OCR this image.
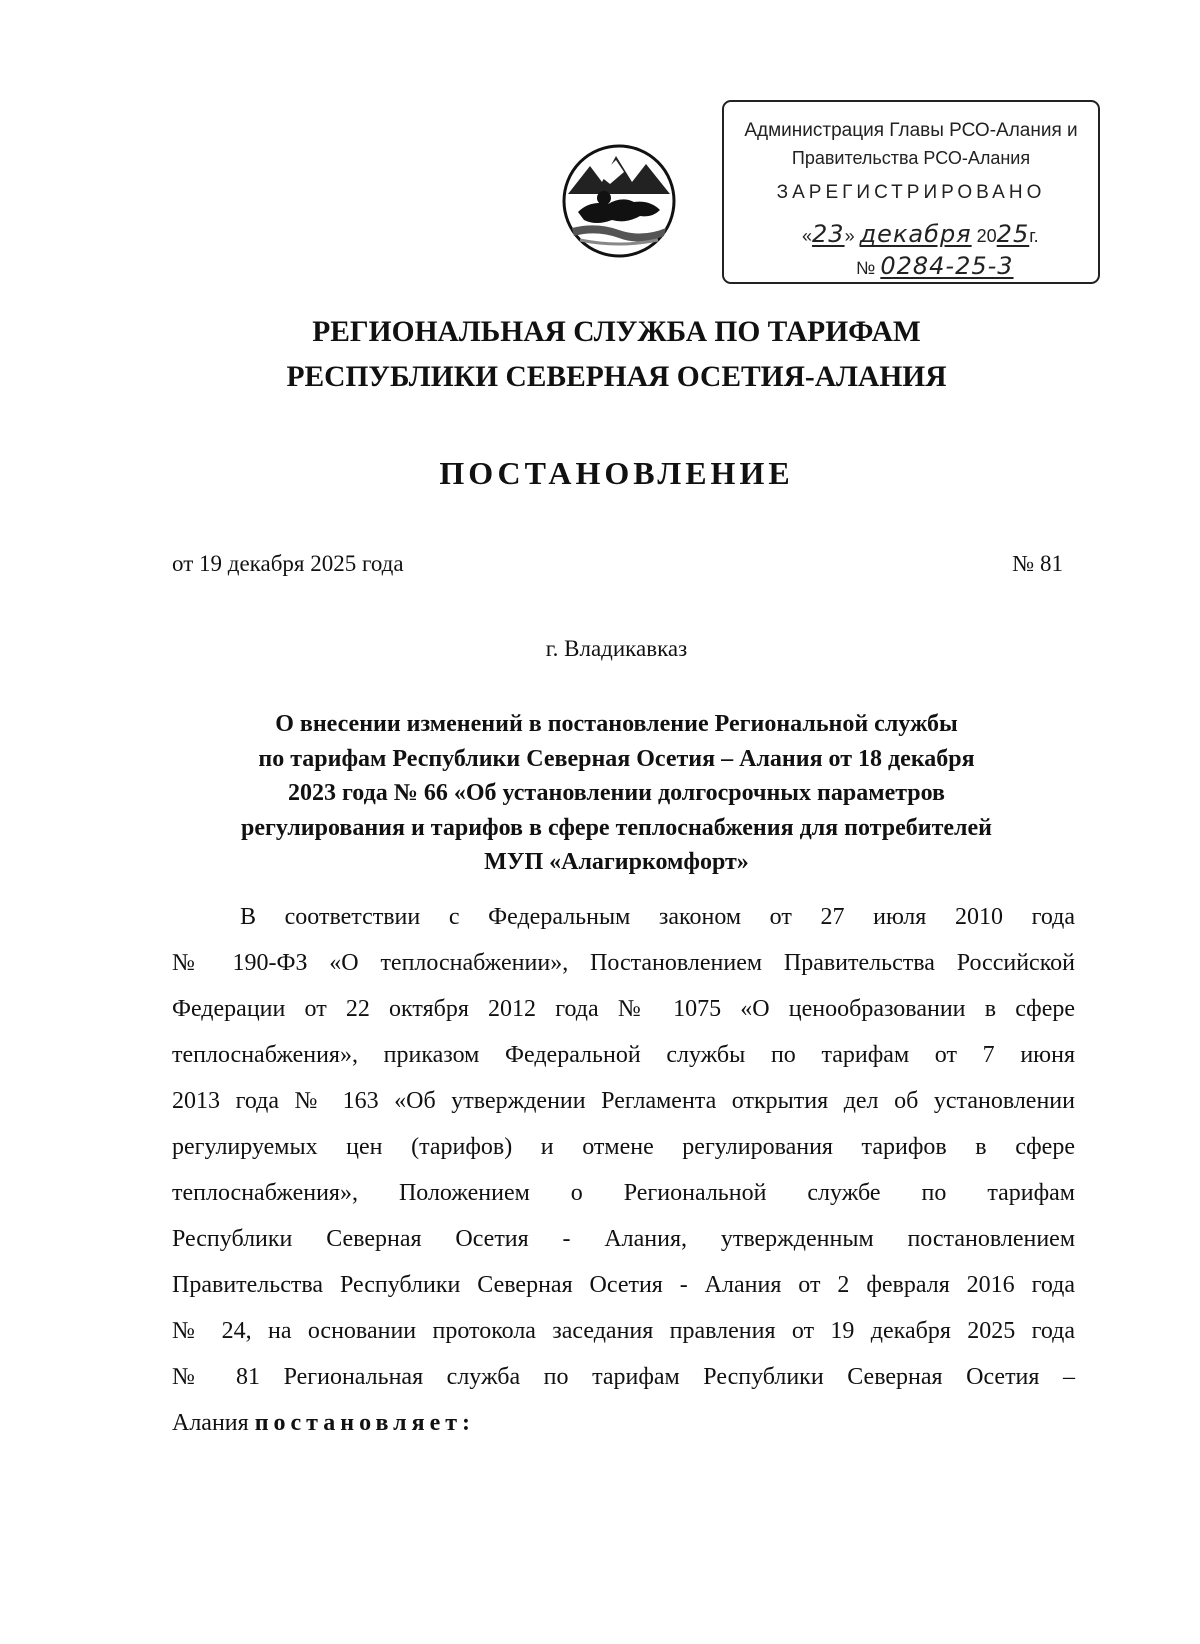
Администрация Главы РСО-Алания и
Правительства РСО-Алания
ЗАРЕГИСТРИРОВАНО
«23» декабря 2025г.
№ 0284-25-3
РЕГИОНАЛЬНАЯ СЛУЖБА ПО ТАРИФАМ
РЕСПУБЛИКИ СЕВЕРНАЯ ОСЕТИЯ-АЛАНИЯ
ПОСТАНОВЛЕНИЕ
от 19 декабря 2025 года	№ 81
г. Владикавказ
О внесении изменений в постановление Региональной службы
по тарифам Республики Северная Осетия – Алания от 18 декабря
2023 года № 66 «Об установлении долгосрочных параметров
регулирования и тарифов в сфере теплоснабжения для потребителей
МУП «Алагиркомфорт»
В соответствии с Федеральным законом от 27 июля 2010 года
№ 190-ФЗ «О теплоснабжении», Постановлением Правительства Российской
Федерации от 22 октября 2012 года № 1075 «О ценообразовании в сфере
теплоснабжения», приказом Федеральной службы по тарифам от 7 июня
2013 года № 163 «Об утверждении Регламента открытия дел об установлении
регулируемых цен (тарифов) и отмене регулирования тарифов в сфере
теплоснабжения», Положением о Региональной службе по тарифам
Республики Северная Осетия - Алания, утвержденным постановлением
Правительства Республики Северная Осетия - Алания от 2 февраля 2016 года
№ 24, на основании протокола заседания правления от 19 декабря 2025 года
№ 81 Региональная служба по тарифам Республики Северная Осетия –
Алания постановляет:
